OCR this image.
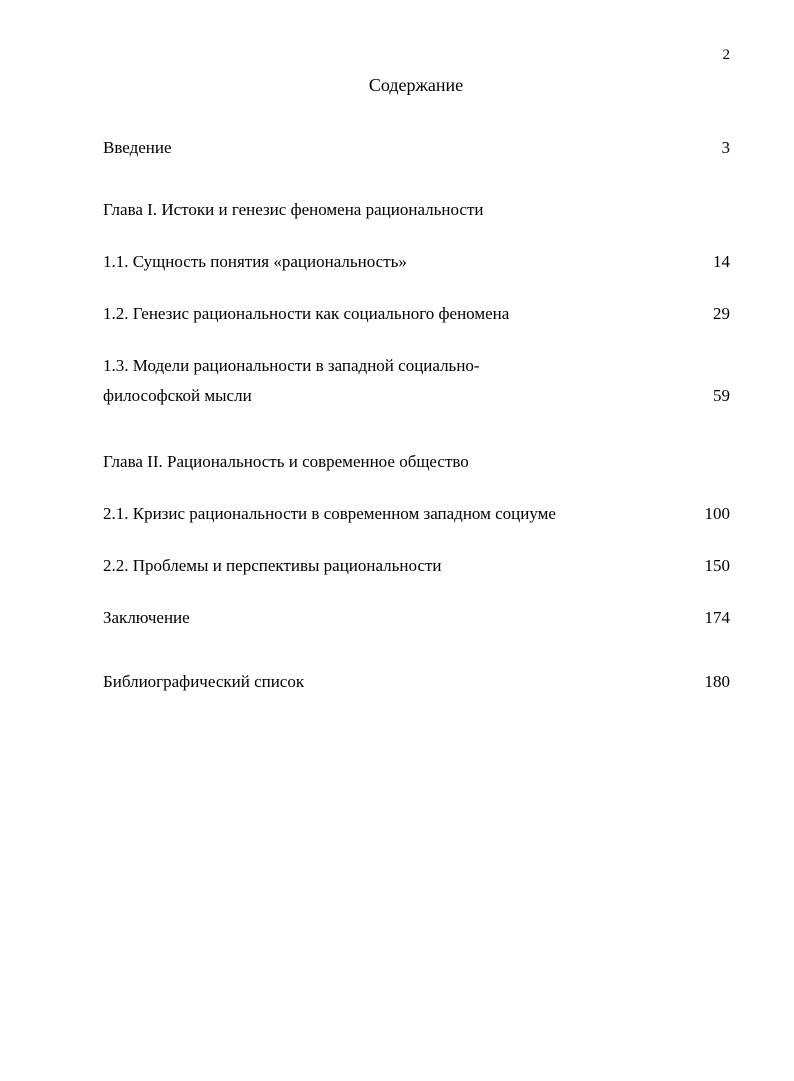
2
Содержание
Введение	3
Глава I. Истоки и генезис феномена рациональности
1.1. Сущность понятия «рациональность»	14
1.2. Генезис рациональности как социального феномена	29
1.3. Модели рациональности в западной социально-
философской мысли	59
Глава II. Рациональность и современное общество
2.1. Кризис рациональности в современном западном социуме	100
2.2. Проблемы и перспективы рациональности	150
Заключение	174
Библиографический список	180
